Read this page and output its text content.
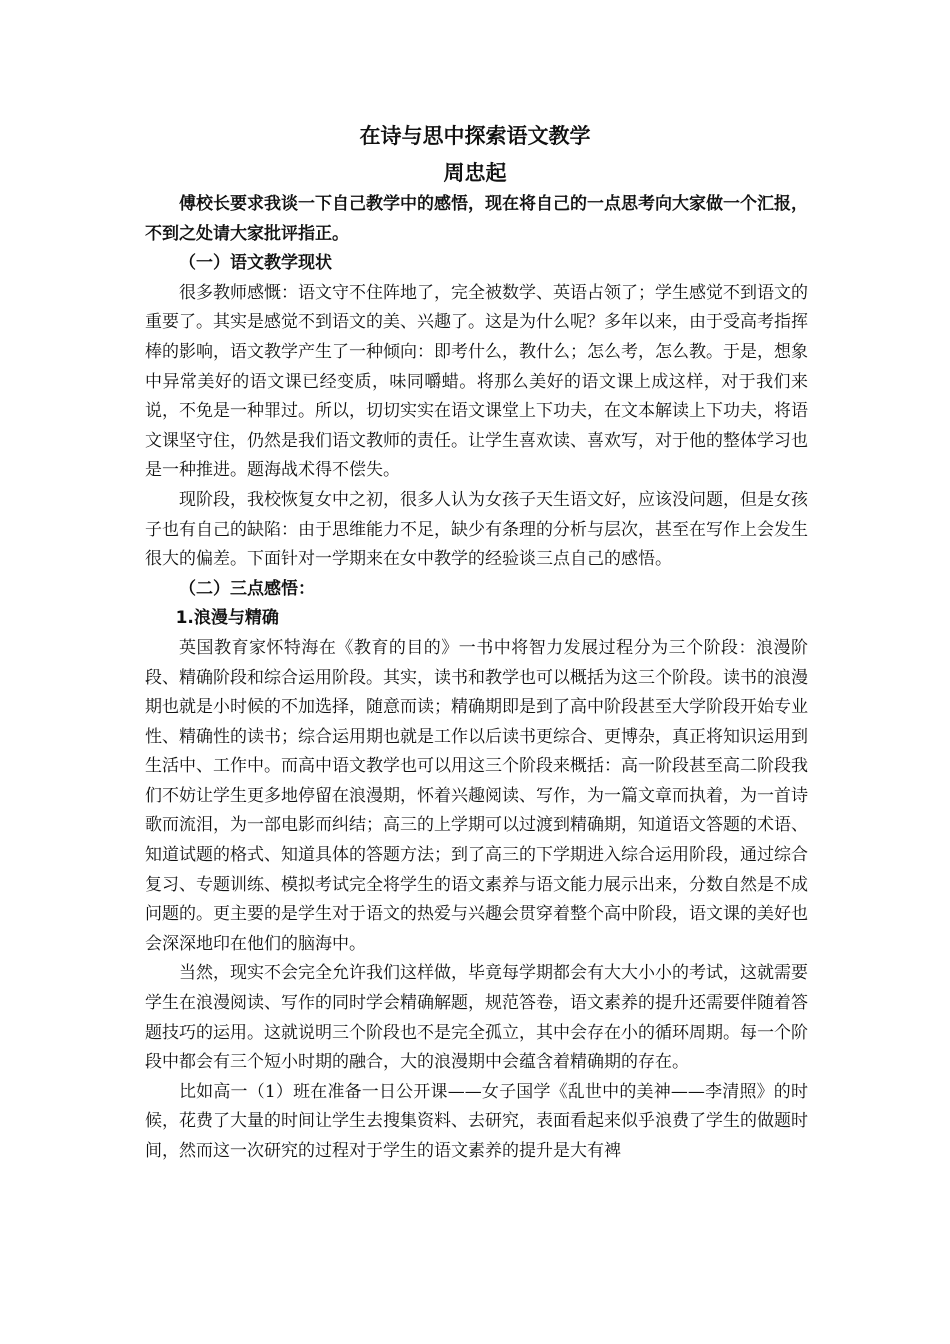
在诗与思中探索语文教学
周忠起

傅校长要求我谈一下自己教学中的感悟，现在将自己的一点思考向大家做一个汇报，不到之处请大家批评指正。

（一）语文教学现状

很多教师感慨：语文守不住阵地了，完全被数学、英语占领了；学生感觉不到语文的重要了。其实是感觉不到语文的美、兴趣了。这是为什么呢？多年以来，由于受高考指挥棒的影响，语文教学产生了一种倾向：即考什么，教什么；怎么考，怎么教。于是，想象中异常美好的语文课已经变质，味同嚼蜡。将那么美好的语文课上成这样，对于我们来说，不免是一种罪过。所以，切切实实在语文课堂上下功夫，在文本解读上下功夫，将语文课坚守住，仍然是我们语文教师的责任。让学生喜欢读、喜欢写，对于他的整体学习也是一种推进。题海战术得不偿失。

现阶段，我校恢复女中之初，很多人认为女孩子天生语文好，应该没问题，但是女孩子也有自己的缺陷：由于思维能力不足，缺少有条理的分析与层次，甚至在写作上会发生很大的偏差。下面针对一学期来在女中教学的经验谈三点自己的感悟。

（二）三点感悟：
1.浪漫与精确

英国教育家怀特海在《教育的目的》一书中将智力发展过程分为三个阶段：浪漫阶段、精确阶段和综合运用阶段。其实，读书和教学也可以概括为这三个阶段。读书的浪漫期也就是小时候的不加选择，随意而读；精确期即是到了高中阶段甚至大学阶段开始专业性、精确性的读书；综合运用期也就是工作以后读书更综合、更博杂，真正将知识运用到生活中、工作中。而高中语文教学也可以用这三个阶段来概括：高一阶段甚至高二阶段我们不妨让学生更多地停留在浪漫期，怀着兴趣阅读、写作，为一篇文章而执着，为一首诗歌而流泪，为一部电影而纠结；高三的上学期可以过渡到精确期，知道语文答题的术语、知道试题的格式、知道具体的答题方法；到了高三的下学期进入综合运用阶段，通过综合复习、专题训练、模拟考试完全将学生的语文素养与语文能力展示出来，分数自然是不成问题的。更主要的是学生对于语文的热爱与兴趣会贯穿着整个高中阶段，语文课的美好也会深深地印在他们的脑海中。

当然，现实不会完全允许我们这样做，毕竟每学期都会有大大小小的考试，这就需要学生在浪漫阅读、写作的同时学会精确解题，规范答卷，语文素养的提升还需要伴随着答题技巧的运用。这就说明三个阶段也不是完全孤立，其中会存在小的循环周期。每一个阶段中都会有三个短小时期的融合，大的浪漫期中会蕴含着精确期的存在。

比如高一（1）班在准备一日公开课——女子国学《乱世中的美神——李清照》的时候，花费了大量的时间让学生去搜集资料、去研究，表面看起来似乎浪费了学生的做题时间，然而这一次研究的过程对于学生的语文素养的提升是大有裨
